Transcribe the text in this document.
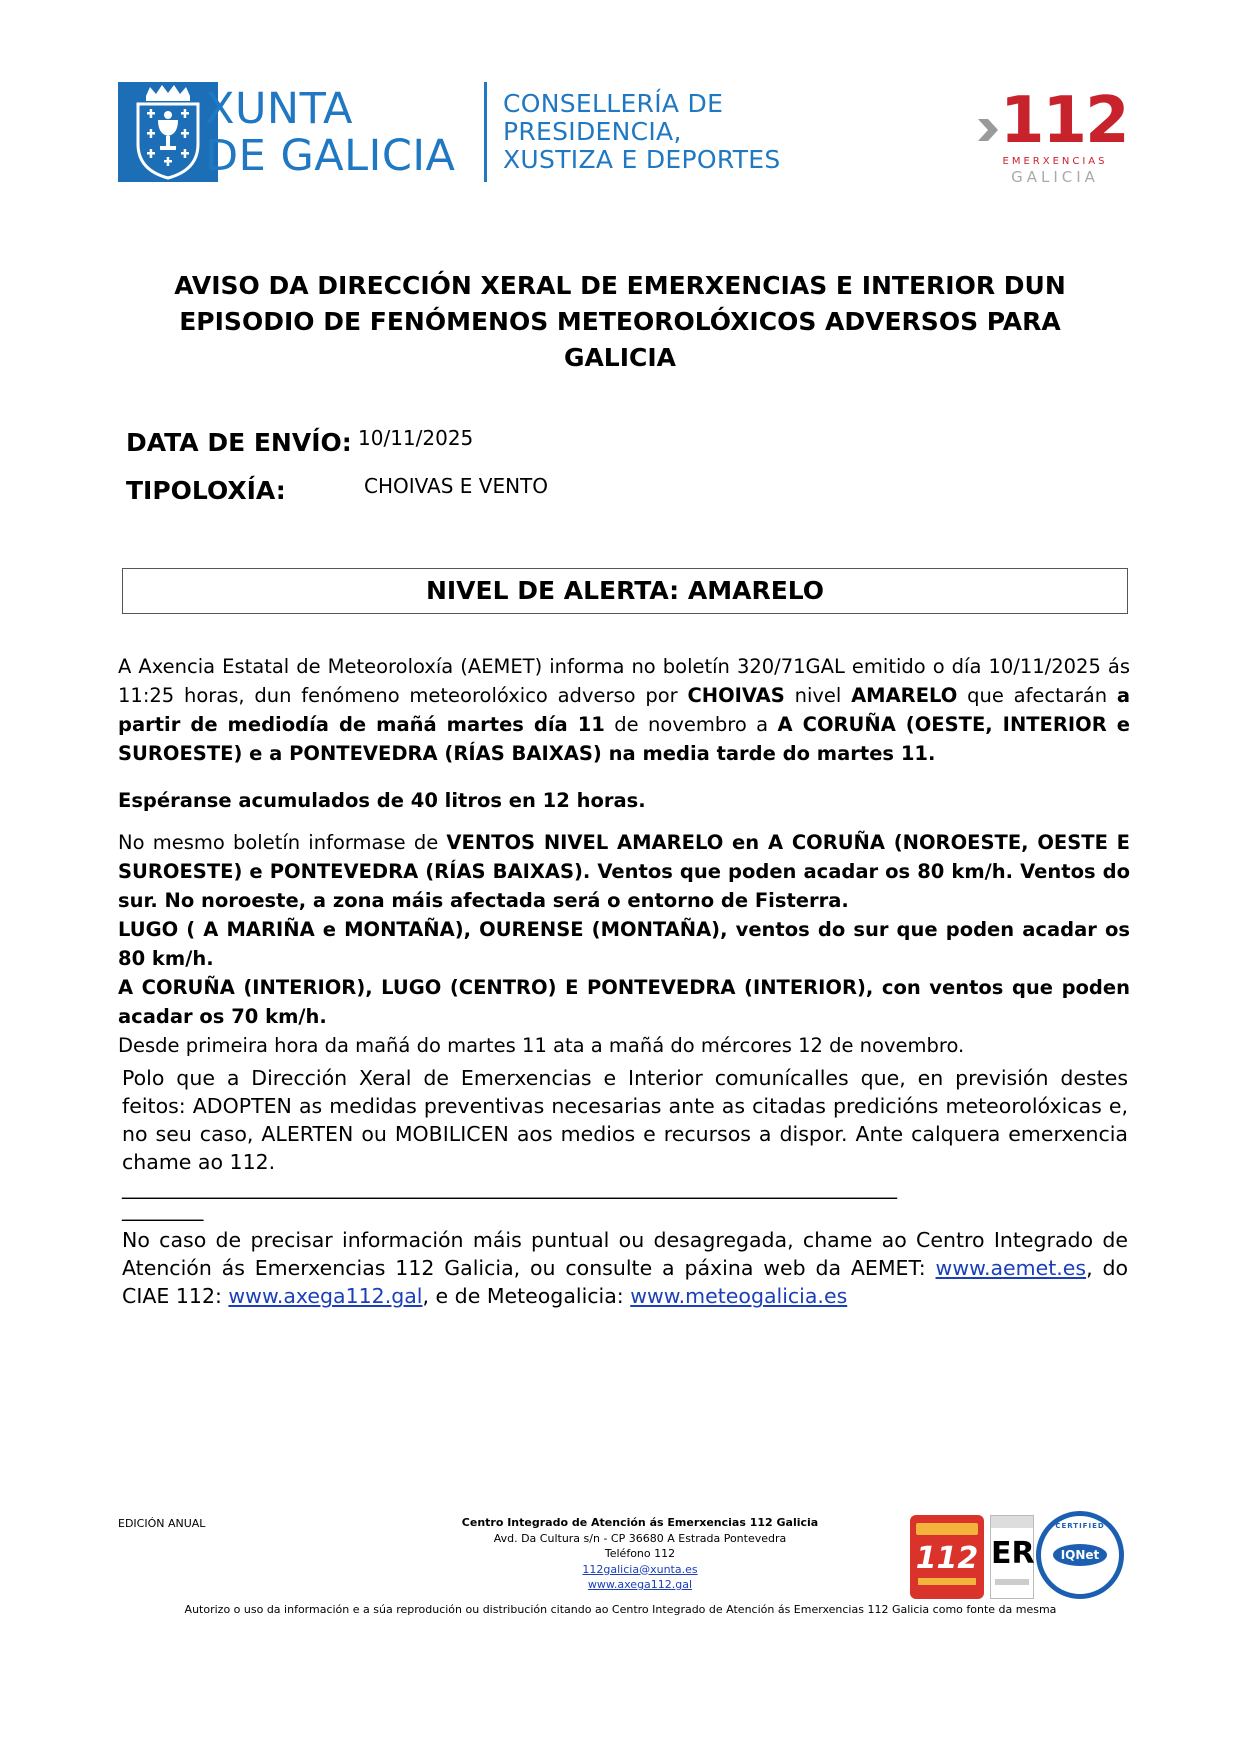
XUNTA
DE GALICIA
CONSELLERÍA DE
PRESIDENCIA,
XUSTIZA E DEPORTES
112
EMERXENCIAS
GALICIA
AVISO DA DIRECCIÓN XERAL DE EMERXENCIAS E INTERIOR DUN EPISODIO DE FENÓMENOS METEOROLÓXICOS ADVERSOS PARA GALICIA
DATA DE ENVÍO: 10/11/2025
TIPOLOXÍA:	CHOIVAS E VENTO
NIVEL DE ALERTA: AMARELO
A Axencia Estatal de Meteoroloxía (AEMET) informa no boletín 320/71GAL emitido o día 10/11/2025 ás 11:25 horas, dun fenómeno meteorolóxico adverso por CHOIVAS nivel AMARELO que afectarán a partir de mediodía de mañá martes día 11 de novembro a A CORUÑA (OESTE, INTERIOR e SUROESTE) e a PONTEVEDRA (RÍAS BAIXAS) na media tarde do martes 11.
Espéranse acumulados de 40 litros en 12 horas.
No mesmo boletín informase de VENTOS NIVEL AMARELO en A CORUÑA (NOROESTE, OESTE E SUROESTE) e PONTEVEDRA (RÍAS BAIXAS). Ventos que poden acadar os 80 km/h. Ventos do sur. No noroeste, a zona máis afectada será o entorno de Fisterra.
LUGO ( A MARIÑA e MONTAÑA), OURENSE (MONTAÑA), ventos do sur que poden acadar os 80 km/h.
A CORUÑA (INTERIOR), LUGO (CENTRO) E PONTEVEDRA (INTERIOR), con ventos que poden acadar os 70 km/h.
Desde primeira hora da mañá do martes 11 ata a mañá do mércores 12 de novembro.
Polo que a Dirección Xeral de Emerxencias e Interior comunícalles que, en previsión destes feitos: ADOPTEN as medidas preventivas necesarias ante as citadas predicións meteorolóxicas e, no seu caso, ALERTEN ou MOBILICEN aos medios e recursos a dispor. Ante calquera emerxencia chame ao 112.
____________________________________________________________________________
________
No caso de precisar información máis puntual ou desagregada, chame ao Centro Integrado de Atención ás Emerxencias 112 Galicia, ou consulte a páxina web da AEMET: www.aemet.es, do CIAE 112: www.axega112.gal, e de Meteogalicia: www.meteogalicia.es
EDICIÓN ANUAL	Centro Integrado de Atención ás Emerxencias 112 Galicia
Avd. Da Cultura s/n - CP 36680 A Estrada Pontevedra
Teléfono 112
112galicia@xunta.es
www.axega112.gal
112 ER
CERTIFIED
IQNet
Autorizo o uso da información e a súa reprodución ou distribución citando ao Centro Integrado de Atención ás Emerxencias 112 Galicia como fonte da mesma
